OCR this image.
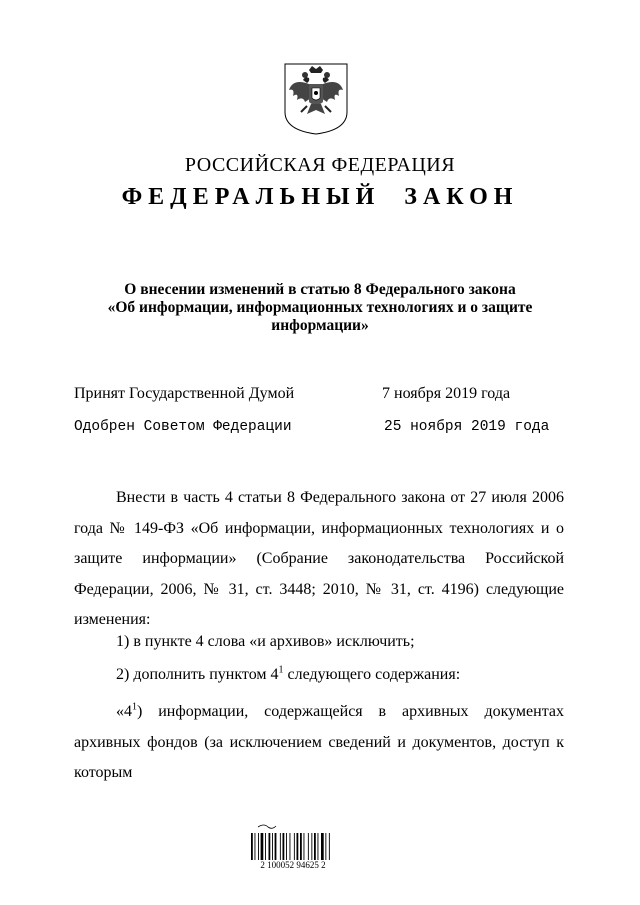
РОССИЙСКАЯ ФЕДЕРАЦИЯ
ФЕДЕРАЛЬНЫЙ  ЗАКОН
О внесении изменений в статью 8 Федерального закона
«Об информации, информационных технологиях и о защите
информации»
Принят Государственной Думой	7 ноября 2019 года
Одобрен Советом Федерации	25 ноября 2019 года
Внести в часть 4 статьи 8 Федерального закона от 27 июля 2006 года № 149-ФЗ «Об информации, информационных технологиях и о защите информации» (Собрание законодательства Российской Федерации, 2006, № 31, ст. 3448; 2010, № 31, ст. 4196) следующие изменения:
1) в пункте 4 слова «и архивов» исключить;
2) дополнить пунктом $4^1$ следующего содержания:
«$4^1$) информации, содержащейся в архивных документах архивных фондов (за исключением сведений и документов, доступ к которым
2 100052 94625 2
